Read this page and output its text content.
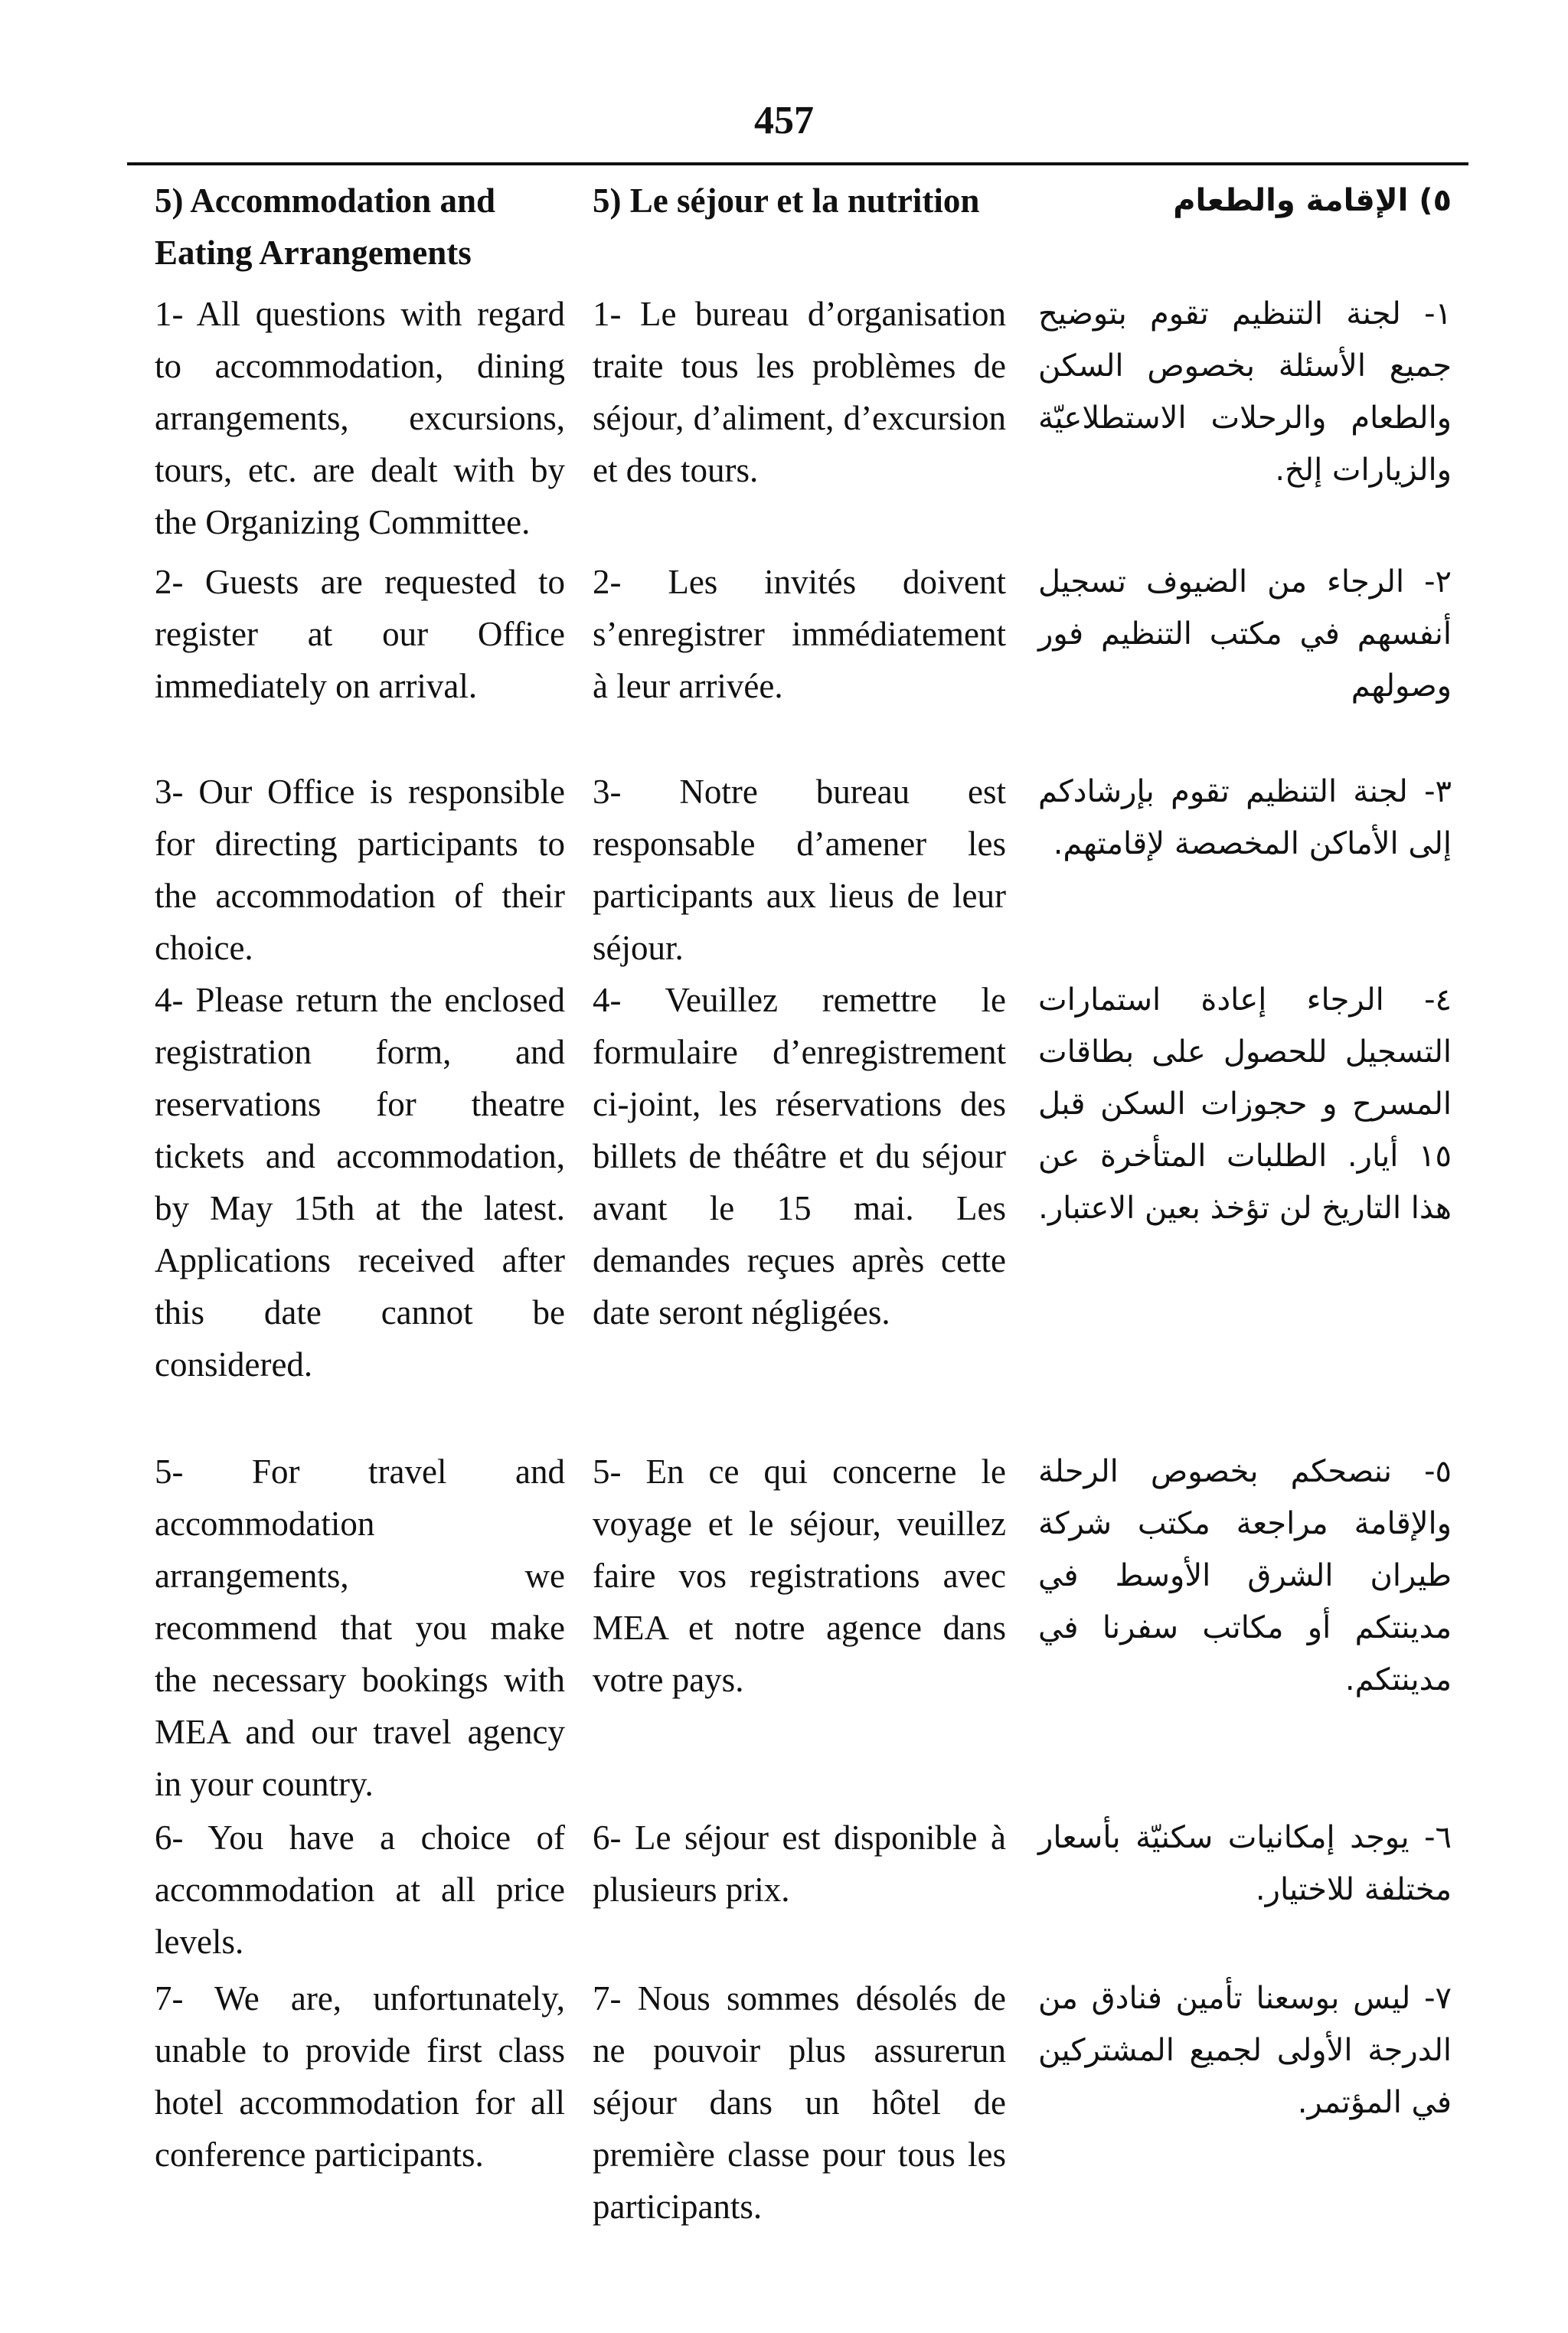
457
5) Accommodation and Eating Arrangements
5) Le séjour et la nutrition	٥) الإقامة والطعام
1- All questions with regard to accommodation, dining arrangements, excursions, tours, etc. are dealt with by the Organizing Committee.
1- Le bureau d’organisation traite tous les problèmes de séjour, d’aliment, d’excursion et des tours.
١- لجنة التنظيم تقوم بتوضيح جميع الأسئلة بخصوص السكن والطعام والرحلات الاستطلاعيّة والزيارات إلخ.
2- Guests are requested to register at our Office immediately on arrival.
2- Les invités doivent s’enregistrer immédiatement à leur arrivée.
٢- الرجاء من الضيوف تسجيل أنفسهم في مكتب التنظيم فور وصولهم
3- Our Office is responsible for directing participants to the accommodation of their choice.
3- Notre bureau est responsable d’amener les participants aux lieus de leur séjour.
٣- لجنة التنظيم تقوم بإرشادكم إلى الأماكن المخصصة لإقامتهم.
4- Please return the enclosed registration form, and reservations for theatre tickets and accommodation, by May 15th at the latest. Applications received after this date cannot be considered.
4- Veuillez remettre le formulaire d’enregistrement ci-joint, les réservations des billets de théâtre et du séjour avant le 15 mai. Les demandes reçues après cette date seront négligées.
٤- الرجاء إعادة استمارات التسجيل للحصول على بطاقات المسرح و حجوزات السكن قبل ١٥ أيار. الطلبات المتأخرة عن هذا التاريخ لن تؤخذ بعين الاعتبار.
5- For travel and accommodation arrangements, we recommend that you make the necessary bookings with MEA and our travel agency in your country.
5- En ce qui concerne le voyage et le séjour, veuillez faire vos registrations avec MEA et notre agence dans votre pays.
٥- ننصحكم بخصوص الرحلة والإقامة مراجعة مكتب شركة طيران الشرق الأوسط في مدينتكم أو مكاتب سفرنا في مدينتكم.
6- You have a choice of accommodation at all price levels.
6- Le séjour est disponible à plusieurs prix.
٦- يوجد إمكانيات سكنيّة بأسعار مختلفة للاختيار.
7- We are, unfortunately, unable to provide first class hotel accommodation for all conference participants.
7- Nous sommes désolés de ne pouvoir plus assurerun séjour dans un hôtel de première classe pour tous les participants.
٧- ليس بوسعنا تأمين فنادق من الدرجة الأولى لجميع المشتركين في المؤتمر.
